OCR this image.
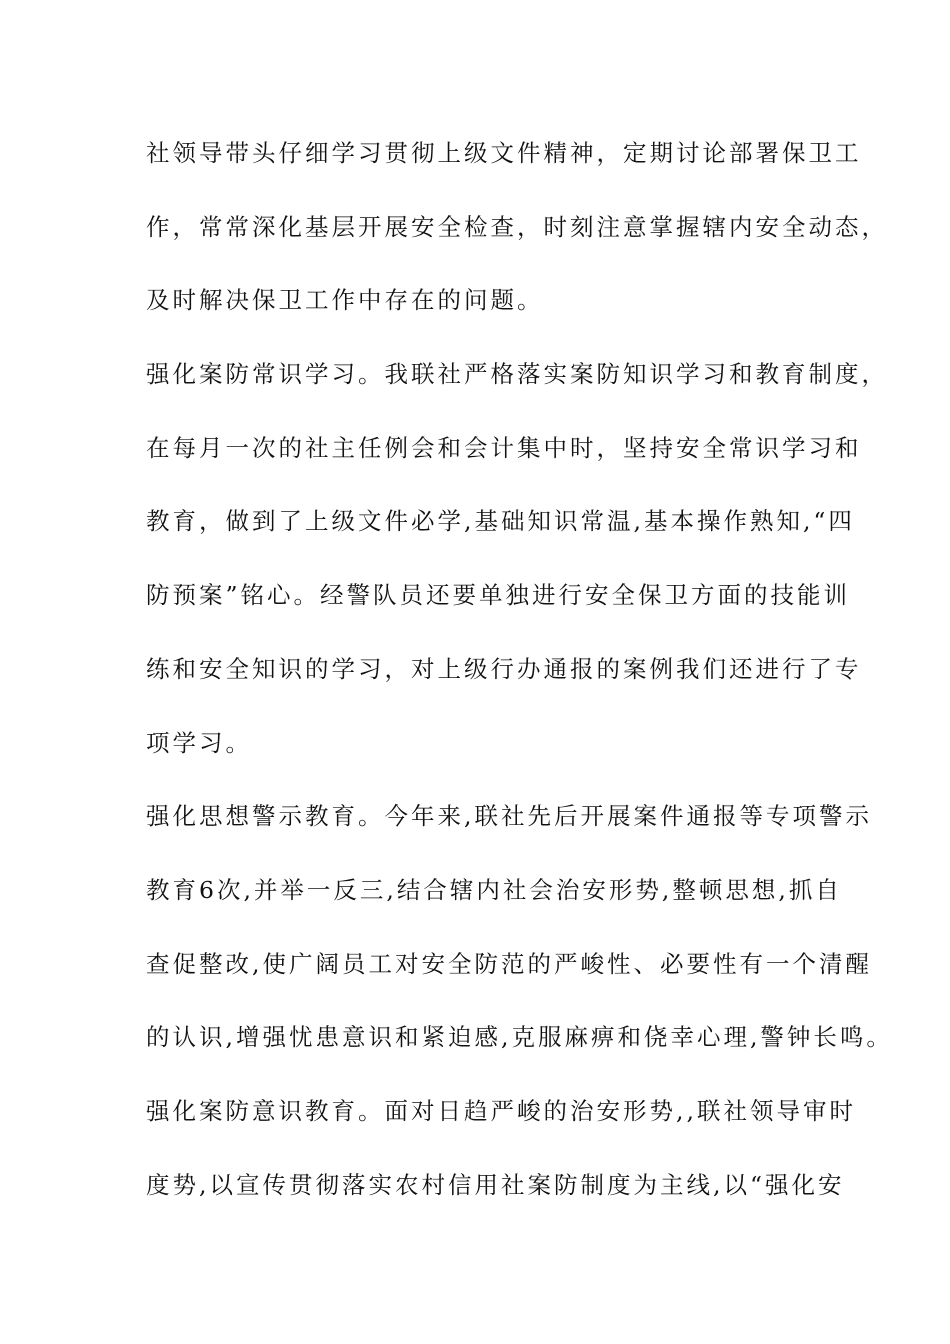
社领导带头仔细学习贯彻上级文件精神，定期讨论部署保卫工
作，常常深化基层开展安全检查，时刻注意掌握辖内安全动态，
及时解决保卫工作中存在的问题。
强化案防常识学习。我联社严格落实案防知识学习和教育制度，
在每月一次的社主任例会和会计集中时，坚持安全常识学习和
教育，做到了上级文件必学,基础知识常温,基本操作熟知,“四
防预案”铭心。经警队员还要单独进行安全保卫方面的技能训
练和安全知识的学习，对上级行办通报的案例我们还进行了专
项学习。
强化思想警示教育。今年来,联社先后开展案件通报等专项警示
教育6次,并举一反三,结合辖内社会治安形势,整顿思想,抓自
查促整改,使广阔员工对安全防范的严峻性、必要性有一个清醒
的认识,增强忧患意识和紧迫感,克服麻痹和侥幸心理,警钟长鸣。
强化案防意识教育。面对日趋严峻的治安形势,,联社领导审时
度势,以宣传贯彻落实农村信用社案防制度为主线,以“强化安
